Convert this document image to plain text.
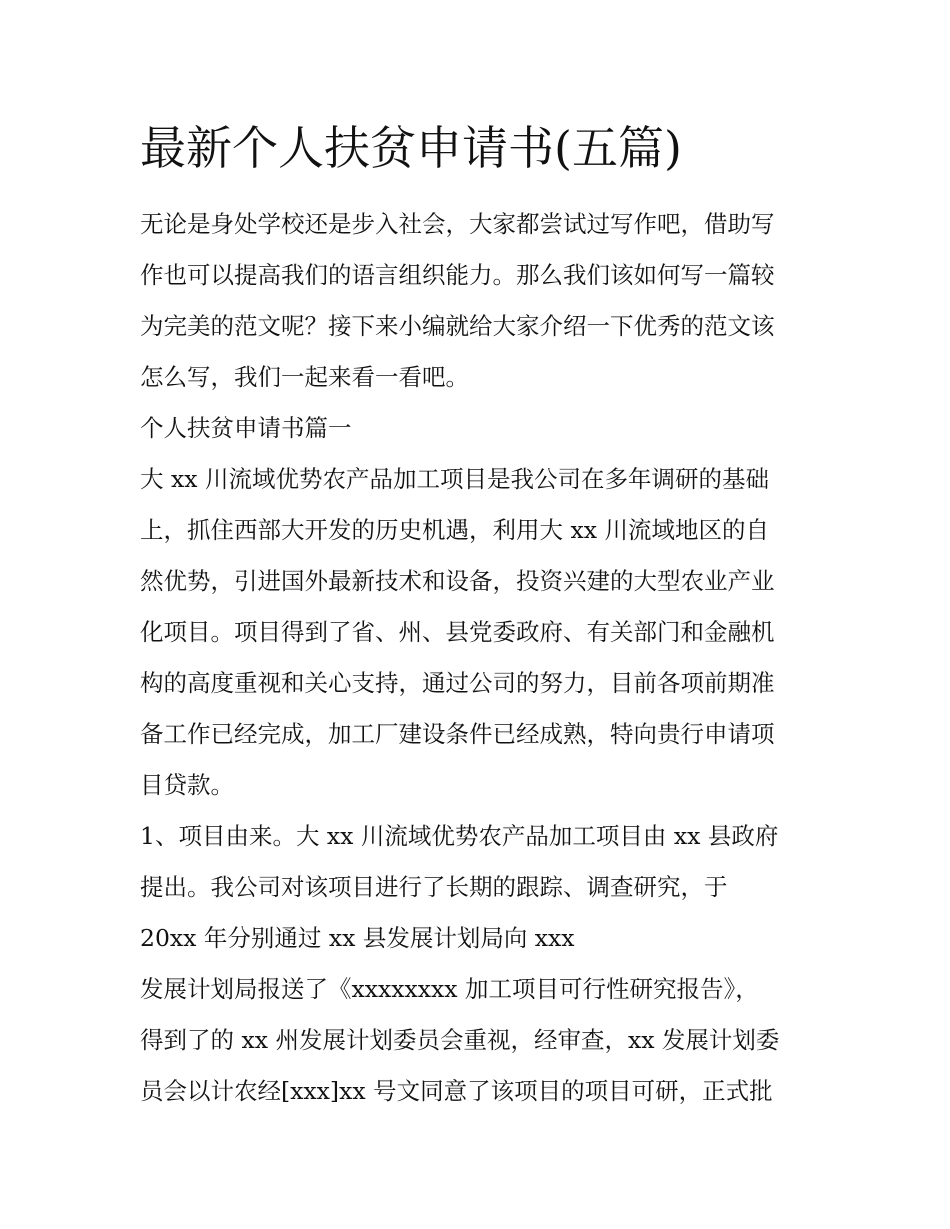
最新个人扶贫申请书(五篇)
无论是身处学校还是步入社会，大家都尝试过写作吧，借助写
作也可以提高我们的语言组织能力。那么我们该如何写一篇较
为完美的范文呢？接下来小编就给大家介绍一下优秀的范文该
怎么写，我们一起来看一看吧。
个人扶贫申请书篇一
大 xx 川流域优势农产品加工项目是我公司在多年调研的基础
上，抓住西部大开发的历史机遇，利用大 xx 川流域地区的自
然优势，引进国外最新技术和设备，投资兴建的大型农业产业
化项目。项目得到了省、州、县党委政府、有关部门和金融机
构的高度重视和关心支持，通过公司的努力，目前各项前期准
备工作已经完成，加工厂建设条件已经成熟，特向贵行申请项
目贷款。
1、项目由来。大 xx 川流域优势农产品加工项目由 xx 县政府
提出。我公司对该项目进行了长期的跟踪、调查研究，于
20xx 年分别通过 xx 县发展计划局向 xxx
发展计划局报送了《xxxxxxxx 加工项目可行性研究报告》，
得到了的 xx 州发展计划委员会重视，经审查，xx 发展计划委
员会以计农经[xxx]xx 号文同意了该项目的项目可研，正式批
